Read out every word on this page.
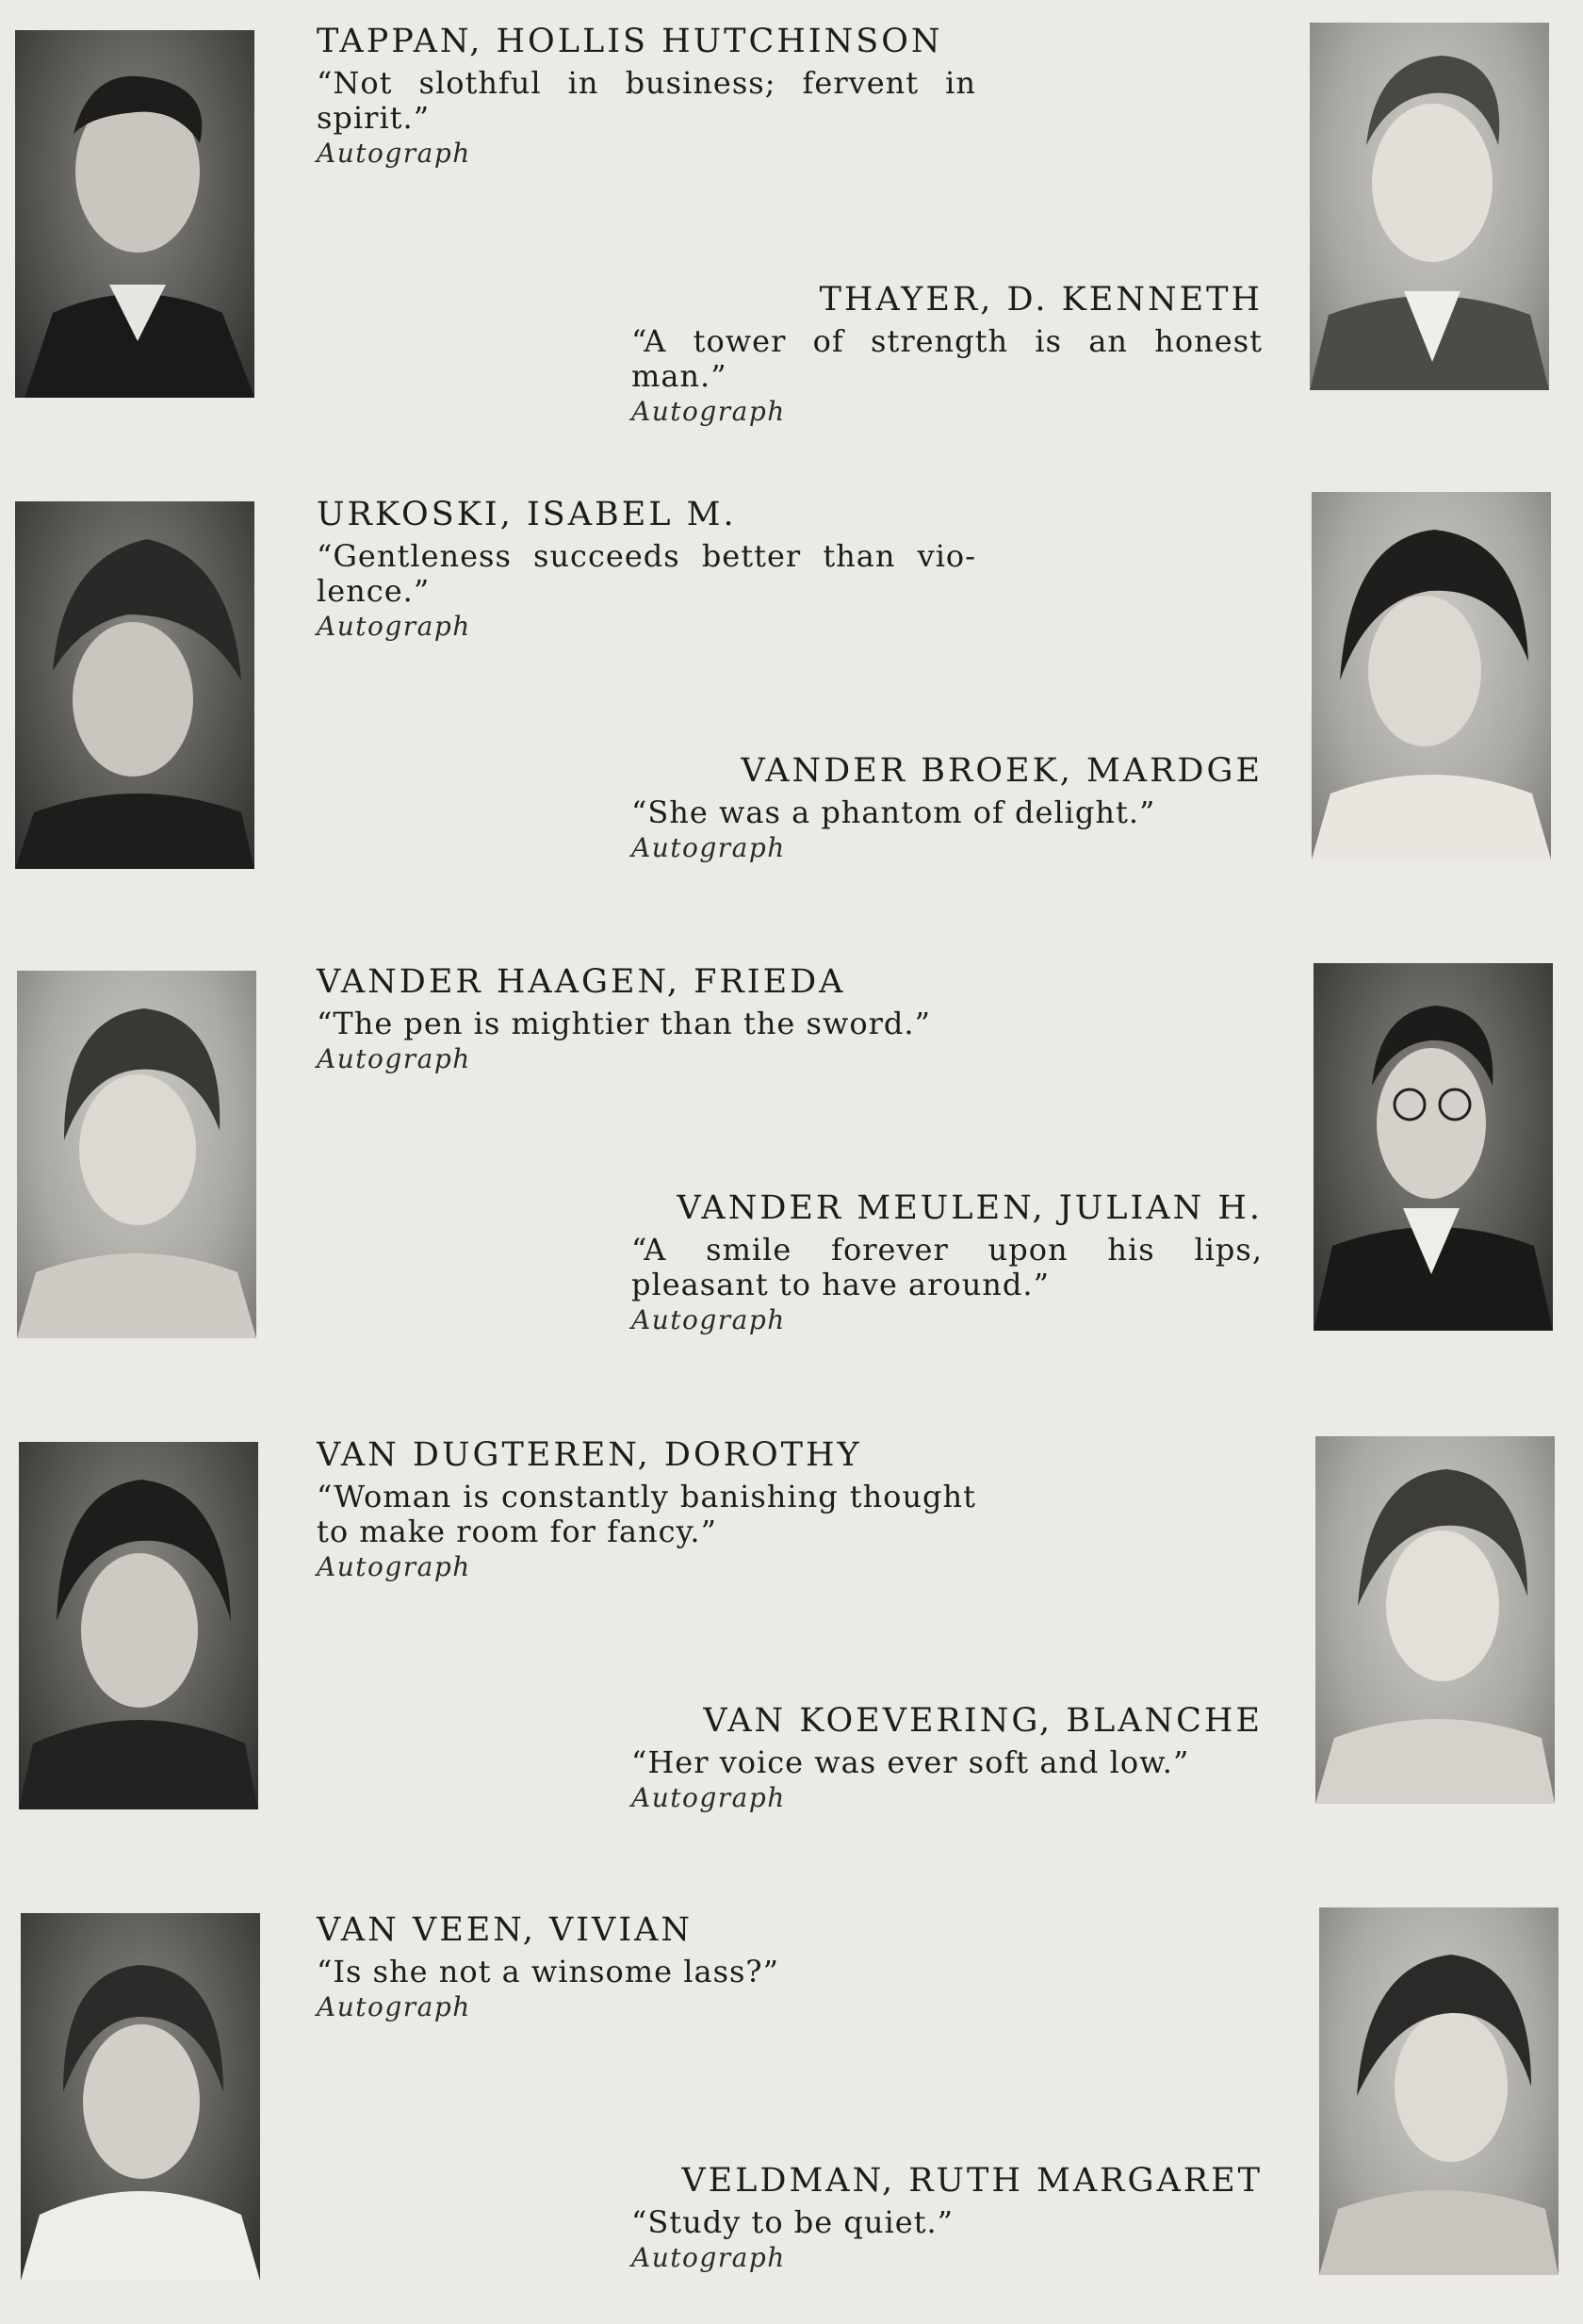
TAPPAN, HOLLIS HUTCHINSON
“Not slothful in business; fervent in spirit.”
Autograph
THAYER, D. KENNETH
“A tower of strength is an honest man.”
Autograph
URKOSKI, ISABEL M.
“Gentleness succeeds better than vio-lence.”
Autograph
VANDER BROEK, MARDGE
“She was a phantom of delight.”
Autograph
VANDER HAAGEN, FRIEDA
“The pen is mightier than the sword.”
Autograph
VANDER MEULEN, JULIAN H.
“A smile forever upon his lips, pleasant to have around.”
Autograph
VAN DUGTEREN, DOROTHY
“Woman is constantly banishing thought to make room for fancy.”
Autograph
VAN KOEVERING, BLANCHE
“Her voice was ever soft and low.”
Autograph
VAN VEEN, VIVIAN
“Is she not a winsome lass?”
Autograph
VELDMAN, RUTH MARGARET
“Study to be quiet.”
Autograph
